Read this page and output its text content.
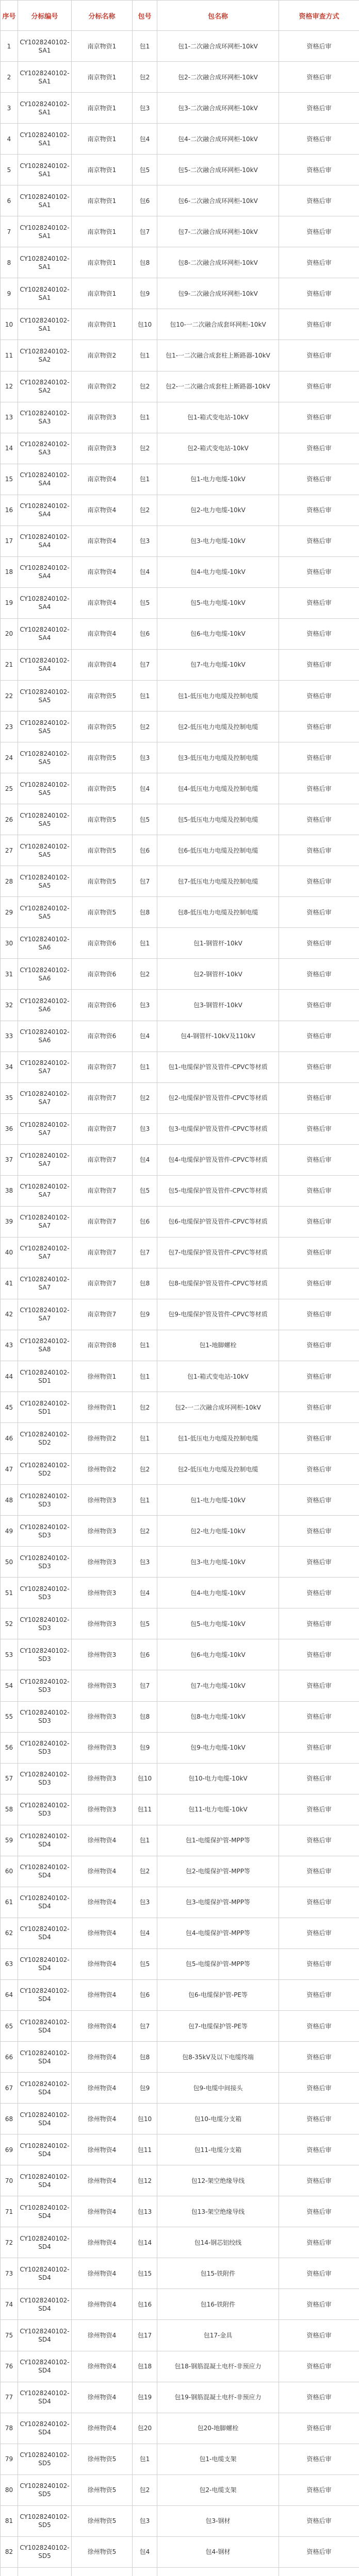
序号	分标编号	分标名称	包号	包名称	资格审查方式
1	CY1028240102-SA1	南京物资1	包1	包1-二次融合成环网柜-10kV	资格后审
2	CY1028240102-SA1	南京物资1	包2	包2-二次融合成环网柜-10kV	资格后审
3	CY1028240102-SA1	南京物资1	包3	包3-二次融合成环网柜-10kV	资格后审
4	CY1028240102-SA1	南京物资1	包4	包4-二次融合成环网柜-10kV	资格后审
5	CY1028240102-SA1	南京物资1	包5	包5-二次融合成环网柜-10kV	资格后审
6	CY1028240102-SA1	南京物资1	包6	包6-二次融合成环网柜-10kV	资格后审
7	CY1028240102-SA1	南京物资1	包7	包7-二次融合成环网柜-10kV	资格后审
8	CY1028240102-SA1	南京物资1	包8	包8-二次融合成环网柜-10kV	资格后审
9	CY1028240102-SA1	南京物资1	包9	包9-二次融合成环网柜-10kV	资格后审
10	CY1028240102-SA1	南京物资1	包10	包10-一二次融合成套环网柜-10kV	资格后审
11	CY1028240102-SA2	南京物资2	包1	包1-一二次融合成套柱上断路器-10kV	资格后审
12	CY1028240102-SA2	南京物资2	包2	包2-一二次融合成套柱上断路器-10kV	资格后审
13	CY1028240102-SA3	南京物资3	包1	包1-箱式变电站-10kV	资格后审
14	CY1028240102-SA3	南京物资3	包2	包2-箱式变电站-10kV	资格后审
15	CY1028240102-SA4	南京物资4	包1	包1-电力电缆-10kV	资格后审
16	CY1028240102-SA4	南京物资4	包2	包2-电力电缆-10kV	资格后审
17	CY1028240102-SA4	南京物资4	包3	包3-电力电缆-10kV	资格后审
18	CY1028240102-SA4	南京物资4	包4	包4-电力电缆-10kV	资格后审
19	CY1028240102-SA4	南京物资4	包5	包5-电力电缆-10kV	资格后审
20	CY1028240102-SA4	南京物资4	包6	包6-电力电缆-10kV	资格后审
21	CY1028240102-SA4	南京物资4	包7	包7-电力电缆-10kV	资格后审
22	CY1028240102-SA5	南京物资5	包1	包1-低压电力电缆及控制电缆	资格后审
23	CY1028240102-SA5	南京物资5	包2	包2-低压电力电缆及控制电缆	资格后审
24	CY1028240102-SA5	南京物资5	包3	包3-低压电力电缆及控制电缆	资格后审
25	CY1028240102-SA5	南京物资5	包4	包4-低压电力电缆及控制电缆	资格后审
26	CY1028240102-SA5	南京物资5	包5	包5-低压电力电缆及控制电缆	资格后审
27	CY1028240102-SA5	南京物资5	包6	包6-低压电力电缆及控制电缆	资格后审
28	CY1028240102-SA5	南京物资5	包7	包7-低压电力电缆及控制电缆	资格后审
29	CY1028240102-SA5	南京物资5	包8	包8-低压电力电缆及控制电缆	资格后审
30	CY1028240102-SA6	南京物资6	包1	包1-钢管杆-10kV	资格后审
31	CY1028240102-SA6	南京物资6	包2	包2-钢管杆-10kV	资格后审
32	CY1028240102-SA6	南京物资6	包3	包3-钢管杆-10kV	资格后审
33	CY1028240102-SA6	南京物资6	包4	包4-钢管杆-10kV及110kV	资格后审
34	CY1028240102-SA7	南京物资7	包1	包1-电缆保护管及管件-CPVC等材质	资格后审
35	CY1028240102-SA7	南京物资7	包2	包2-电缆保护管及管件-CPVC等材质	资格后审
36	CY1028240102-SA7	南京物资7	包3	包3-电缆保护管及管件-CPVC等材质	资格后审
37	CY1028240102-SA7	南京物资7	包4	包4-电缆保护管及管件-CPVC等材质	资格后审
38	CY1028240102-SA7	南京物资7	包5	包5-电缆保护管及管件-CPVC等材质	资格后审
39	CY1028240102-SA7	南京物资7	包6	包6-电缆保护管及管件-CPVC等材质	资格后审
40	CY1028240102-SA7	南京物资7	包7	包7-电缆保护管及管件-CPVC等材质	资格后审
41	CY1028240102-SA7	南京物资7	包8	包8-电缆保护管及管件-CPVC等材质	资格后审
42	CY1028240102-SA7	南京物资7	包9	包9-电缆保护管及管件-CPVC等材质	资格后审
43	CY1028240102-SA8	南京物资8	包1	包1-地脚螺栓	资格后审
44	CY1028240102-SD1	徐州物资1	包1	包1-箱式变电站-10kV	资格后审
45	CY1028240102-SD1	徐州物资1	包2	包2-一二次融合成环网柜-10kV	资格后审
46	CY1028240102-SD2	徐州物资2	包1	包1-低压电力电缆及控制电缆	资格后审
47	CY1028240102-SD2	徐州物资2	包2	包2-低压电力电缆及控制电缆	资格后审
48	CY1028240102-SD3	徐州物资3	包1	包1-电力电缆-10kV	资格后审
49	CY1028240102-SD3	徐州物资3	包2	包2-电力电缆-10kV	资格后审
50	CY1028240102-SD3	徐州物资3	包3	包3-电力电缆-10kV	资格后审
51	CY1028240102-SD3	徐州物资3	包4	包4-电力电缆-10kV	资格后审
52	CY1028240102-SD3	徐州物资3	包5	包5-电力电缆-10kV	资格后审
53	CY1028240102-SD3	徐州物资3	包6	包6-电力电缆-10kV	资格后审
54	CY1028240102-SD3	徐州物资3	包7	包7-电力电缆-10kV	资格后审
55	CY1028240102-SD3	徐州物资3	包8	包8-电力电缆-10kV	资格后审
56	CY1028240102-SD3	徐州物资3	包9	包9-电力电缆-10kV	资格后审
57	CY1028240102-SD3	徐州物资3	包10	包10-电力电缆-10kV	资格后审
58	CY1028240102-SD3	徐州物资3	包11	包11-电力电缆-10kV	资格后审
59	CY1028240102-SD4	徐州物资4	包1	包1-电缆保护管-MPP等	资格后审
60	CY1028240102-SD4	徐州物资4	包2	包2-电缆保护管-MPP等	资格后审
61	CY1028240102-SD4	徐州物资4	包3	包3-电缆保护管-MPP等	资格后审
62	CY1028240102-SD4	徐州物资4	包4	包4-电缆保护管-MPP等	资格后审
63	CY1028240102-SD4	徐州物资4	包5	包5-电缆保护管-MPP等	资格后审
64	CY1028240102-SD4	徐州物资4	包6	包6-电缆保护管-PE等	资格后审
65	CY1028240102-SD4	徐州物资4	包7	包7-电缆保护管-PE等	资格后审
66	CY1028240102-SD4	徐州物资4	包8	包8-35kV及以下电缆终端	资格后审
67	CY1028240102-SD4	徐州物资4	包9	包9-电缆中间接头	资格后审
68	CY1028240102-SD4	徐州物资4	包10	包10-电缆分支箱	资格后审
69	CY1028240102-SD4	徐州物资4	包11	包11-电缆分支箱	资格后审
70	CY1028240102-SD4	徐州物资4	包12	包12-架空绝缘导线	资格后审
71	CY1028240102-SD4	徐州物资4	包13	包13-架空绝缘导线	资格后审
72	CY1028240102-SD4	徐州物资4	包14	包14-钢芯铝绞线	资格后审
73	CY1028240102-SD4	徐州物资4	包15	包15-铁附件	资格后审
74	CY1028240102-SD4	徐州物资4	包16	包16-铁附件	资格后审
75	CY1028240102-SD4	徐州物资4	包17	包17-金具	资格后审
76	CY1028240102-SD4	徐州物资4	包18	包18-钢筋混凝土电杆-非预应力	资格后审
77	CY1028240102-SD4	徐州物资4	包19	包19-钢筋混凝土电杆-非预应力	资格后审
78	CY1028240102-SD4	徐州物资4	包20	包20-地脚螺栓	资格后审
79	CY1028240102-SD5	徐州物资5	包1	包1-电缆支架	资格后审
80	CY1028240102-SD5	徐州物资5	包2	包2-电缆支架	资格后审
81	CY1028240102-SD5	徐州物资5	包3	包3-钢材	资格后审
82	CY1028240102-SD5	徐州物资5	包4	包4-钢材	资格后审
